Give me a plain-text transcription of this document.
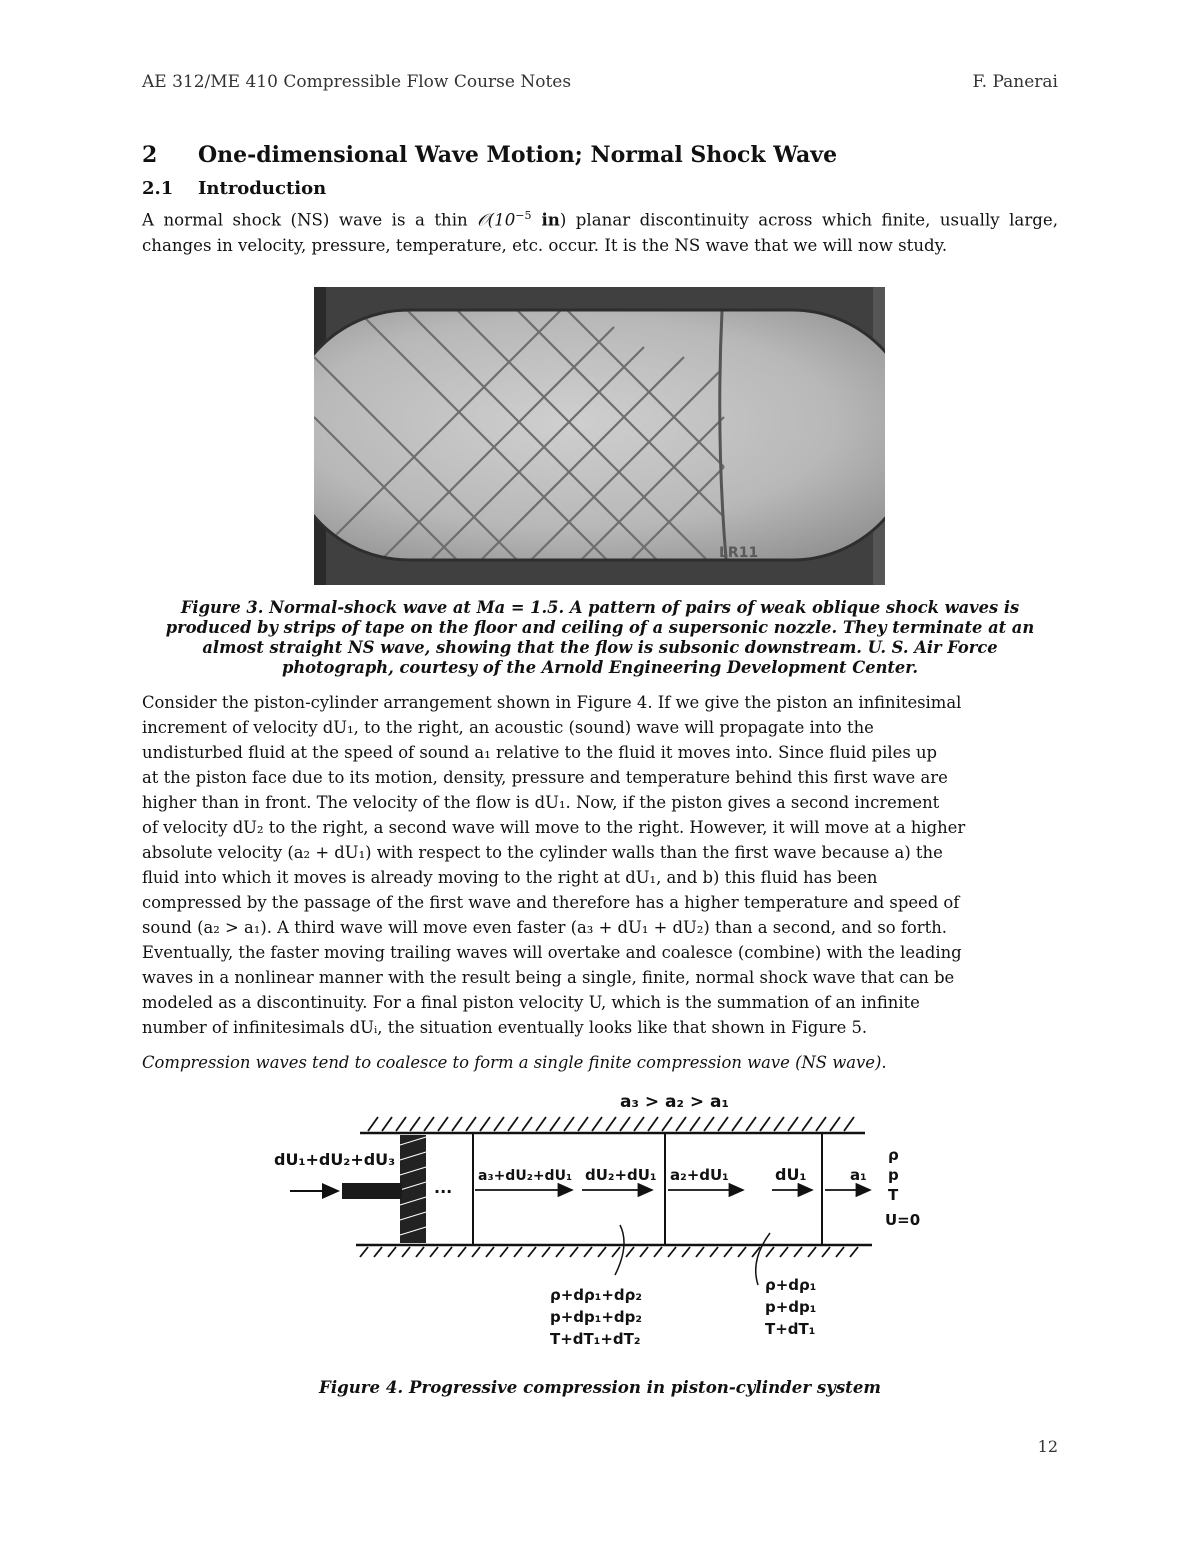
AE 312/ME 410 Compressible Flow Course Notes	F. Panerai
2 One-dimensional Wave Motion; Normal Shock Wave
2.1 Introduction
A normal shock (NS) wave is a thin $𝒪(10^{-5}$ in) planar discontinuity across which finite, usually large, changes in velocity, pressure, temperature, etc. occur. It is the NS wave that we will now study.
LR11
Figure 3. Normal-shock wave at Ma = 1.5. A pattern of pairs of weak oblique shock waves is
produced by strips of tape on the floor and ceiling of a supersonic nozzle. They terminate at an
almost straight NS wave, showing that the flow is subsonic downstream. U. S. Air Force
photograph, courtesy of the Arnold Engineering Development Center.
Consider the piston-cylinder arrangement shown in Figure 4. If we give the piston an infinitesimal
increment of velocity dU₁, to the right, an acoustic (sound) wave will propagate into the
undisturbed fluid at the speed of sound a₁ relative to the fluid it moves into. Since fluid piles up
at the piston face due to its motion, density, pressure and temperature behind this first wave are
higher than in front. The velocity of the flow is dU₁. Now, if the piston gives a second increment
of velocity dU₂ to the right, a second wave will move to the right. However, it will move at a higher
absolute velocity (a₂ + dU₁) with respect to the cylinder walls than the first wave because a) the
fluid into which it moves is already moving to the right at dU₁, and b) this fluid has been
compressed by the passage of the first wave and therefore has a higher temperature and speed of
sound (a₂ > a₁). A third wave will move even faster (a₃ + dU₁ + dU₂) than a second, and so forth.
Eventually, the faster moving trailing waves will overtake and coalesce (combine) with the leading
waves in a nonlinear manner with the result being a single, finite, normal shock wave that can be
modeled as a discontinuity. For a final piston velocity U, which is the summation of an infinite
number of infinitesimals dUᵢ, the situation eventually looks like that shown in Figure 5.
Compression waves tend to coalesce to form a single finite compression wave (NS wave).
a₃ > a₂ > a₁
dU₁+dU₂+dU₃
···
a₃+dU₂+dU₁ dU₂+dU₁ a₂+dU₁	dU₁	a₁
ρ
p
T
U=0
ρ+dρ₁+dρ₂
p+dp₁+dp₂
T+dT₁+dT₂
ρ+dρ₁
p+dp₁
T+dT₁
Figure 4. Progressive compression in piston-cylinder system
12
